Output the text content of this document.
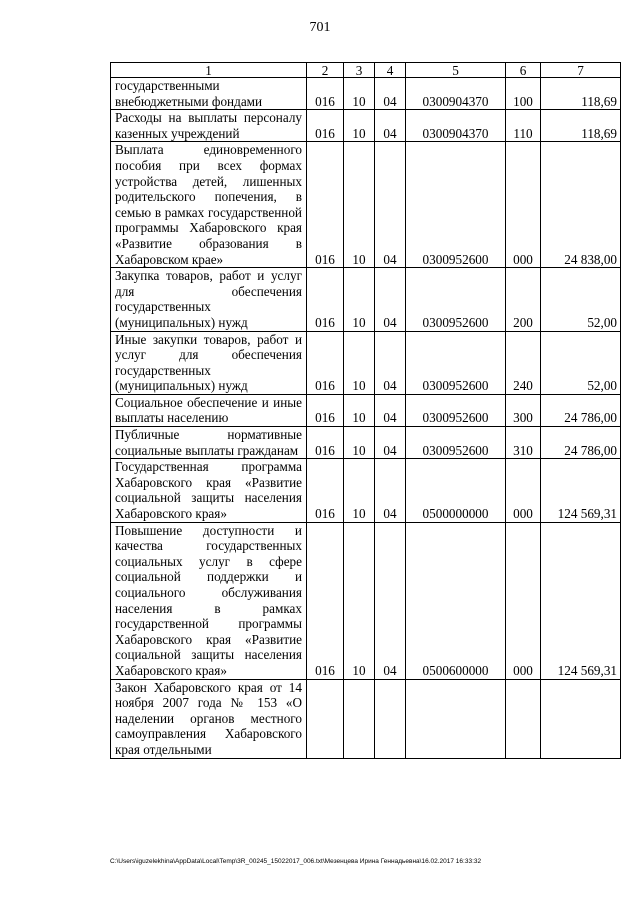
701
1	2	3	4	5	6	7
государственными внебюджетными фондами	016	10	04	0300904370	100	118,69
Расходы на выплаты персоналу казенных учреждений	016	10	04	0300904370	110	118,69
Выплата единовременного пособия при всех формах устройства детей, лишенных родительского попечения, в семью в рамках государственной программы Хабаровского края «Развитие образования в Хабаровском крае»	016	10	04	0300952600	000	24 838,00
Закупка товаров, работ и услуг для обеспечения государственных (муниципальных) нужд	016	10	04	0300952600	200	52,00
Иные закупки товаров, работ и услуг для обеспечения государственных (муниципальных) нужд	016	10	04	0300952600	240	52,00
Социальное обеспечение и иные выплаты населению	016	10	04	0300952600	300	24 786,00
Публичные нормативные социальные выплаты гражданам	016	10	04	0300952600	310	24 786,00
Государственная программа Хабаровского края «Развитие социальной защиты населения Хабаровского края»	016	10	04	0500000000	000	124 569,31
Повышение доступности и качества государственных социальных услуг в сфере социальной поддержки и социального обслуживания населения в рамках государственной программы Хабаровского края «Развитие социальной защиты населения Хабаровского края»	016	10	04	0500600000	000	124 569,31
Закон Хабаровского края от 14 ноября 2007 года № 153 «О наделении органов местного самоуправления Хабаровского края отдельными						
C:\Users\iguzelekhina\AppData\Local\Temp\3R_00245_15022017_006.txt\Мезенцева Ирина Геннадьевна\16.02.2017 16:33:32
